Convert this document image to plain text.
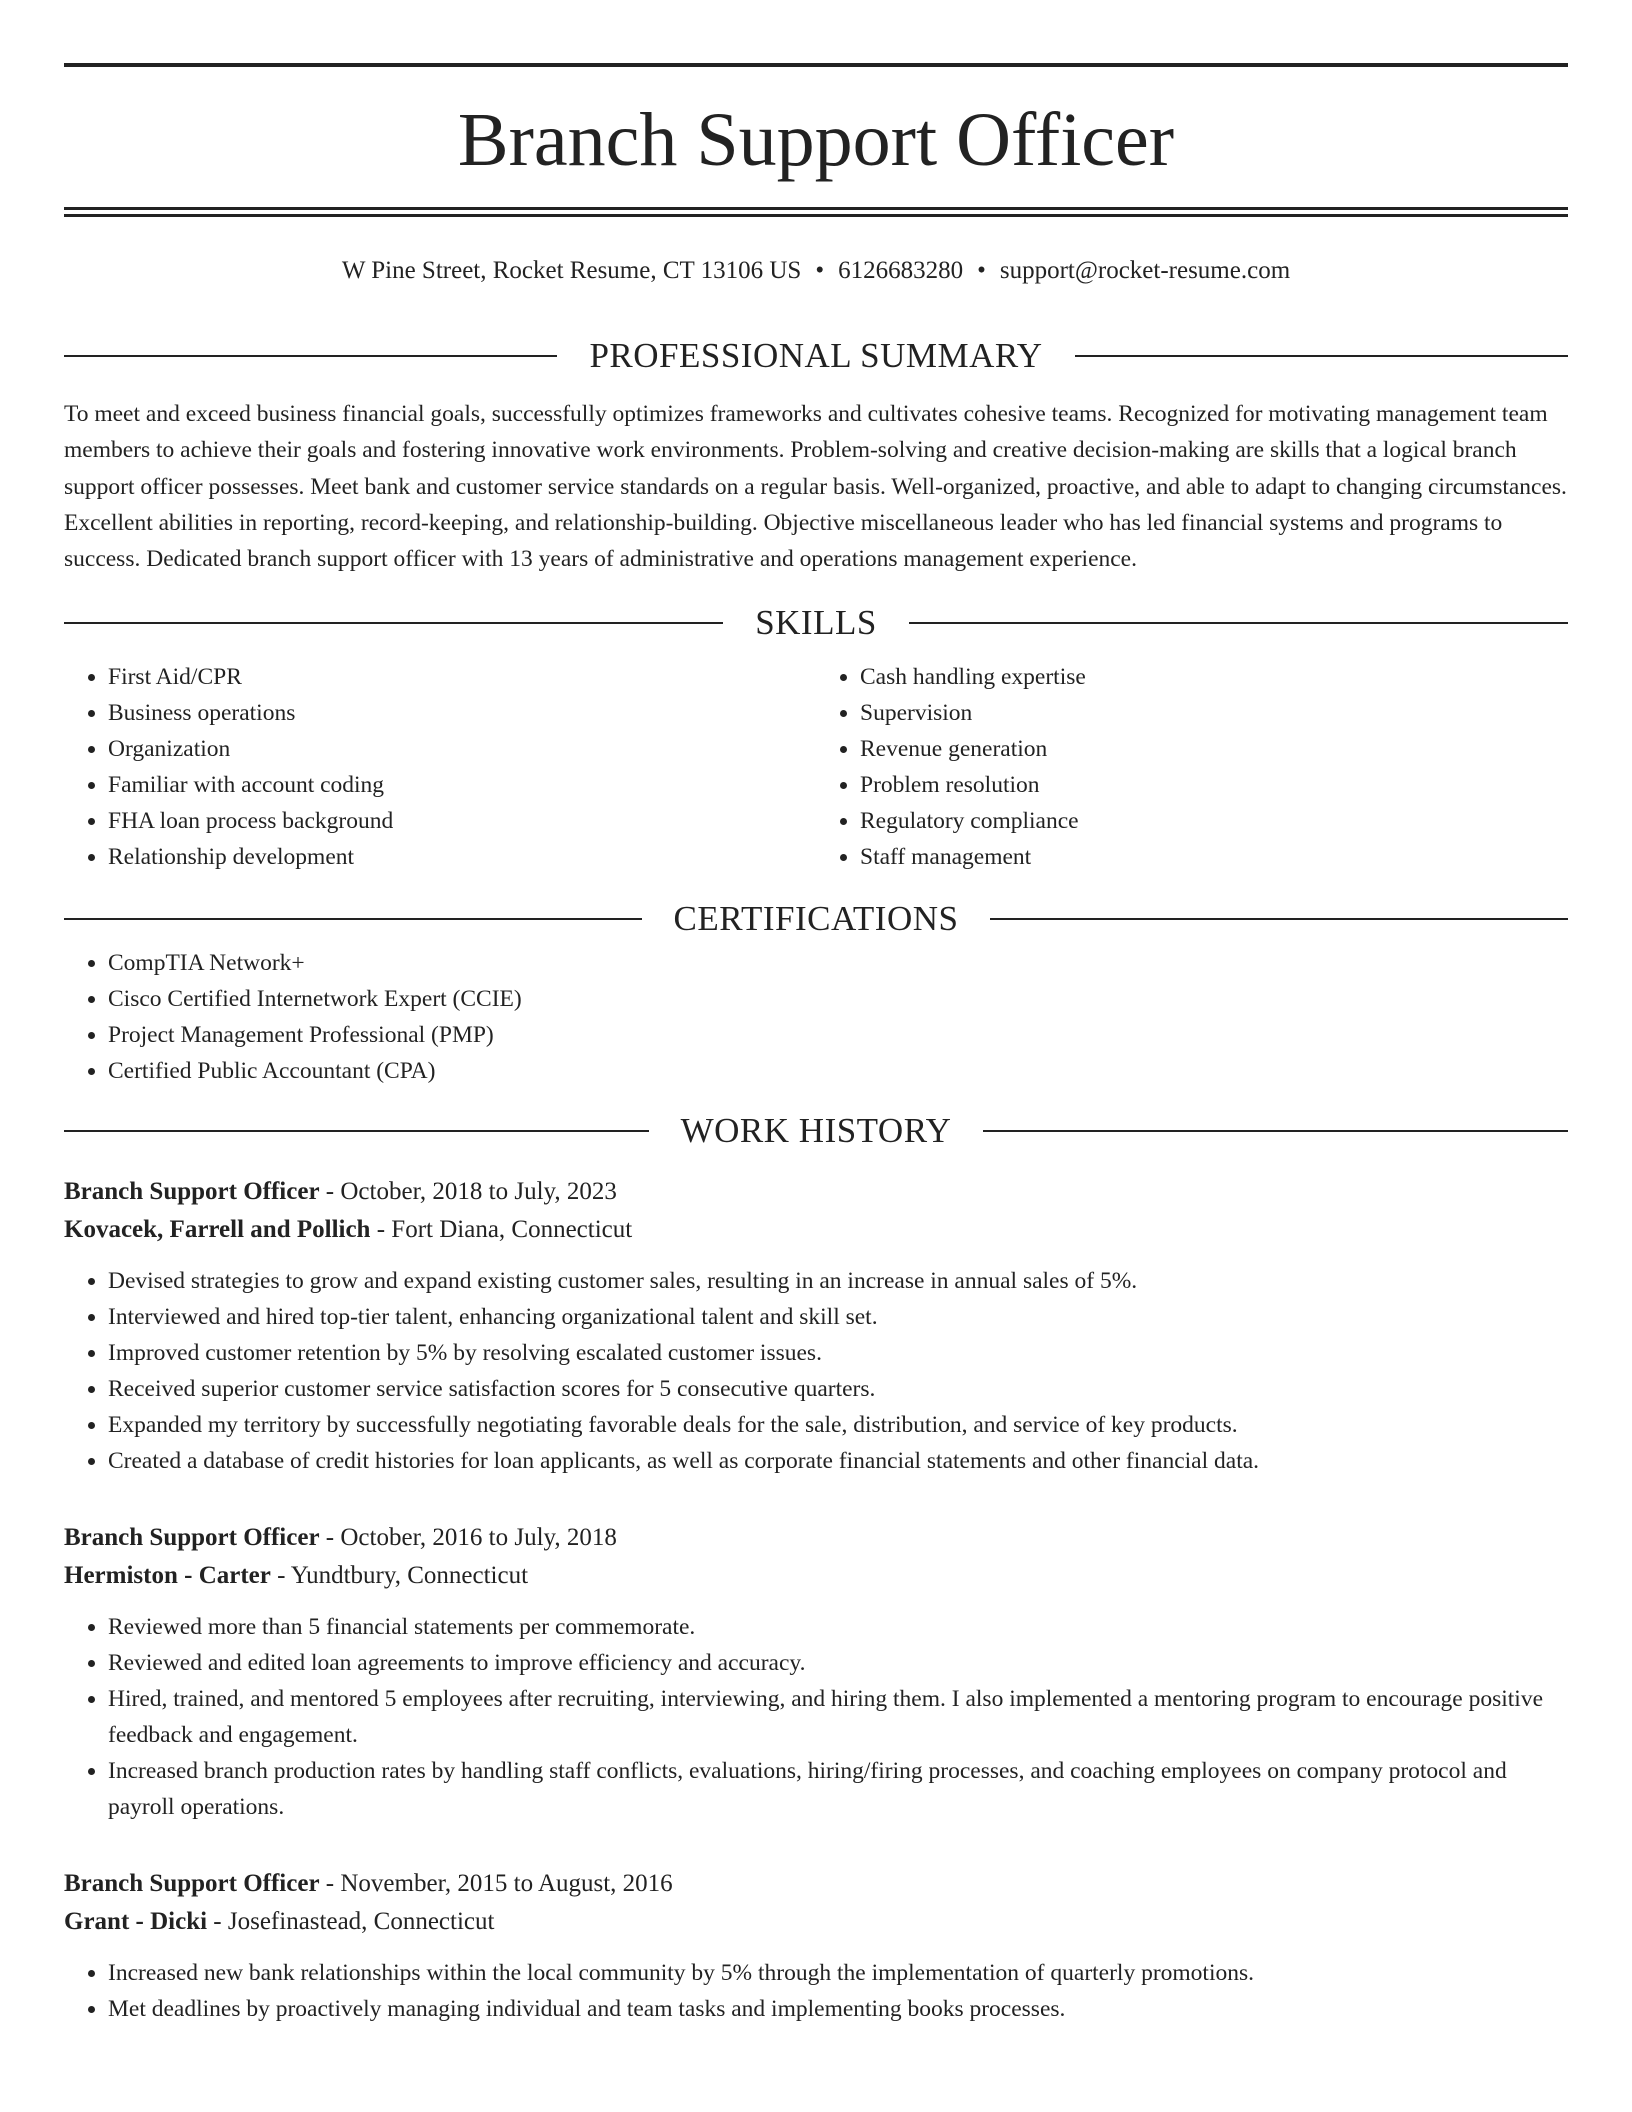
Branch Support Officer
W Pine Street, Rocket Resume, CT 13106 US • 6126683280 • support@rocket-resume.com
PROFESSIONAL SUMMARY

To meet and exceed business financial goals, successfully optimizes frameworks and cultivates cohesive teams. Recognized for motivating management team members to achieve their goals and fostering innovative work environments. Problem-solving and creative decision-making are skills that a logical branch support officer possesses. Meet bank and customer service standards on a regular basis. Well-organized, proactive, and able to adapt to changing circumstances. Excellent abilities in reporting, record-keeping, and relationship-building. Objective miscellaneous leader who has led financial systems and programs to success. Dedicated branch support officer with 13 years of administrative and operations management experience.

SKILLS
• First Aid/CPR
• Business operations
• Organization
• Familiar with account coding
• FHA loan process background
• Relationship development
• Cash handling expertise
• Supervision
• Revenue generation
• Problem resolution
• Regulatory compliance
• Staff management
CERTIFICATIONS
• CompTIA Network+
• Cisco Certified Internetwork Expert (CCIE)
• Project Management Professional (PMP)
• Certified Public Accountant (CPA)
WORK HISTORY
Branch Support Officer - October, 2018 to July, 2023
Kovacek, Farrell and Pollich - Fort Diana, Connecticut
• Devised strategies to grow and expand existing customer sales, resulting in an increase in annual sales of 5%.
• Interviewed and hired top-tier talent, enhancing organizational talent and skill set.
• Improved customer retention by 5% by resolving escalated customer issues.
• Received superior customer service satisfaction scores for 5 consecutive quarters.
• Expanded my territory by successfully negotiating favorable deals for the sale, distribution, and service of key products.
• Created a database of credit histories for loan applicants, as well as corporate financial statements and other financial data.
Branch Support Officer - October, 2016 to July, 2018
Hermiston - Carter - Yundtbury, Connecticut
• Reviewed more than 5 financial statements per commemorate.
• Reviewed and edited loan agreements to improve efficiency and accuracy.
• Hired, trained, and mentored 5 employees after recruiting, interviewing, and hiring them. I also implemented a mentoring program to encourage positive feedback and engagement.
• Increased branch production rates by handling staff conflicts, evaluations, hiring/firing processes, and coaching employees on company protocol and payroll operations.
Branch Support Officer - November, 2015 to August, 2016
Grant - Dicki - Josefinastead, Connecticut
• Increased new bank relationships within the local community by 5% through the implementation of quarterly promotions.
• Met deadlines by proactively managing individual and team tasks and implementing books processes.
